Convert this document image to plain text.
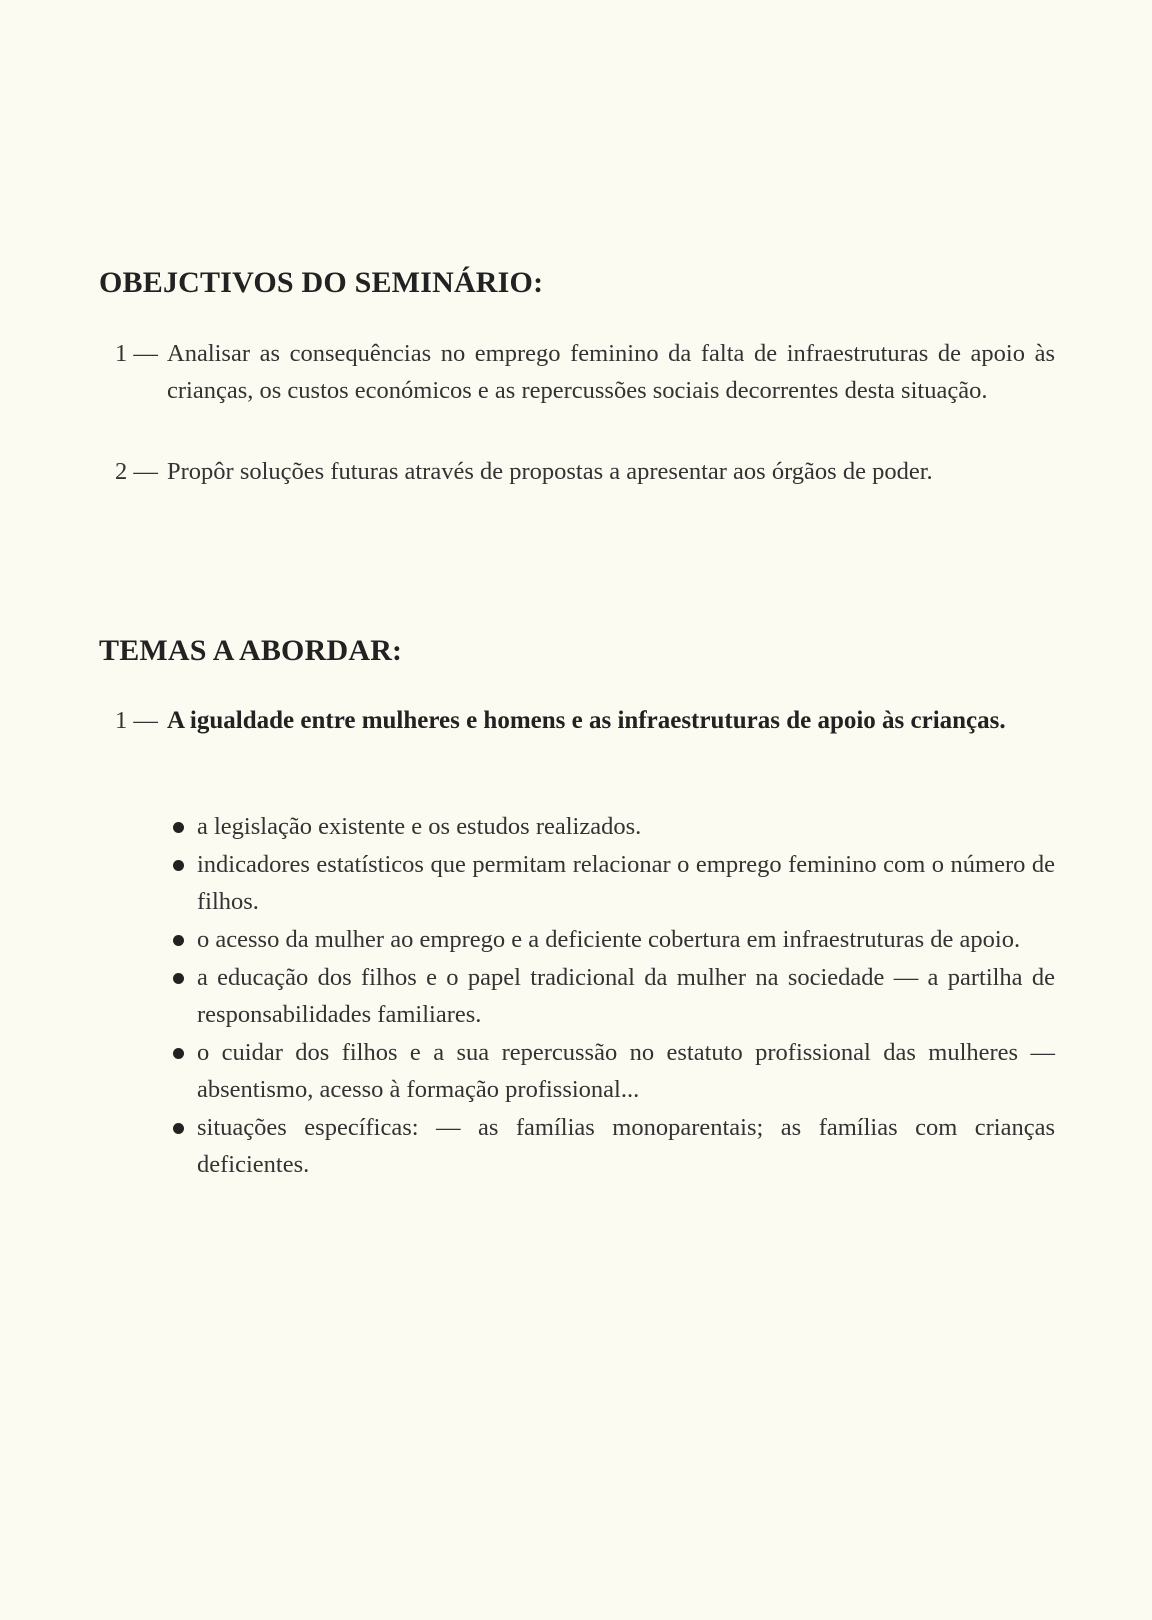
OBEJCTIVOS DO SEMINÁRIO:
1 — Analisar as consequências no emprego feminino da falta de infraestruturas de apoio às crianças, os custos económicos e as repercussões sociais decorrentes desta situação.
2 — Propôr soluções futuras através de propostas a apresentar aos órgãos de poder.
TEMAS A ABORDAR:
1 — A igualdade entre mulheres e homens e as infraestruturas de apoio às crianças.
a legislação existente e os estudos realizados.
indicadores estatísticos que permitam relacionar o emprego feminino com o número de filhos.
o acesso da mulher ao emprego e a deficiente cobertura em infraestruturas de apoio.
a educação dos filhos e o papel tradicional da mulher na sociedade — a partilha de responsabilidades familiares.
o cuidar dos filhos e a sua repercussão no estatuto profissional das mulheres — absentismo, acesso à formação profissional...
situações específicas: — as famílias monoparentais; as famílias com crianças deficientes.
